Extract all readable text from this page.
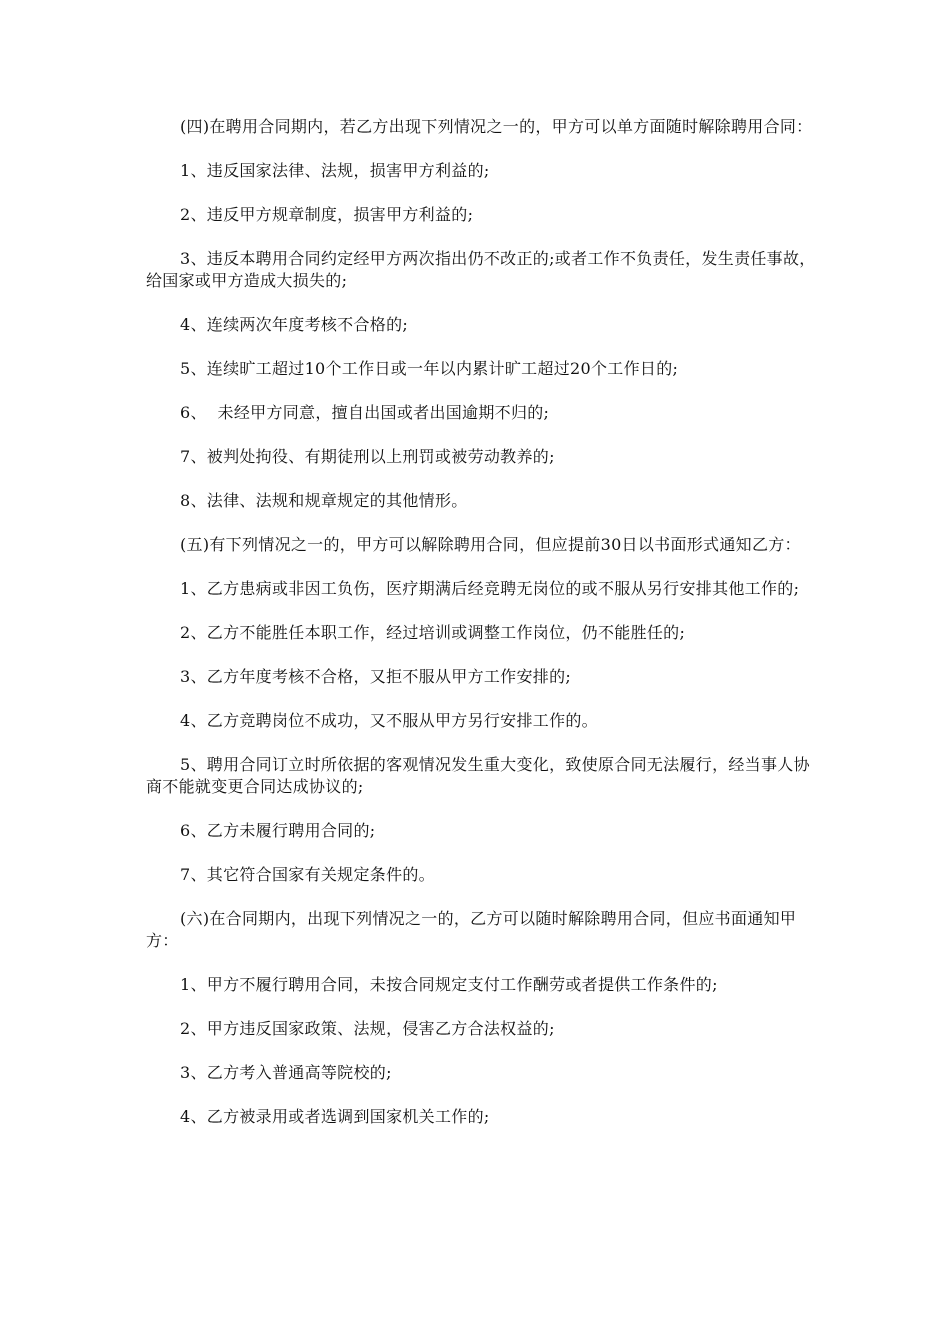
(四)在聘用合同期内，若乙方出现下列情况之一的，甲方可以单方面随时解除聘用合同：

1、违反国家法律、法规，损害甲方利益的;

2、违反甲方规章制度，损害甲方利益的;

3、违反本聘用合同约定经甲方两次指出仍不改正的;或者工作不负责任，发生责任事故，给国家或甲方造成大损失的;

4、连续两次年度考核不合格的;

5、连续旷工超过10个工作日或一年以内累计旷工超过20个工作日的;

6、  未经甲方同意，擅自出国或者出国逾期不归的;

7、被判处拘役、有期徒刑以上刑罚或被劳动教养的;

8、法律、法规和规章规定的其他情形。

(五)有下列情况之一的，甲方可以解除聘用合同，但应提前30日以书面形式通知乙方：

1、乙方患病或非因工负伤，医疗期满后经竞聘无岗位的或不服从另行安排其他工作的;

2、乙方不能胜任本职工作，经过培训或调整工作岗位，仍不能胜任的;

3、乙方年度考核不合格，又拒不服从甲方工作安排的;

4、乙方竞聘岗位不成功，又不服从甲方另行安排工作的。

5、聘用合同订立时所依据的客观情况发生重大变化，致使原合同无法履行，经当事人协商不能就变更合同达成协议的;

6、乙方未履行聘用合同的;

7、其它符合国家有关规定条件的。

(六)在合同期内，出现下列情况之一的，乙方可以随时解除聘用合同，但应书面通知甲方：

1、甲方不履行聘用合同，未按合同规定支付工作酬劳或者提供工作条件的;

2、甲方违反国家政策、法规，侵害乙方合法权益的;

3、乙方考入普通高等院校的;

4、乙方被录用或者选调到国家机关工作的;
